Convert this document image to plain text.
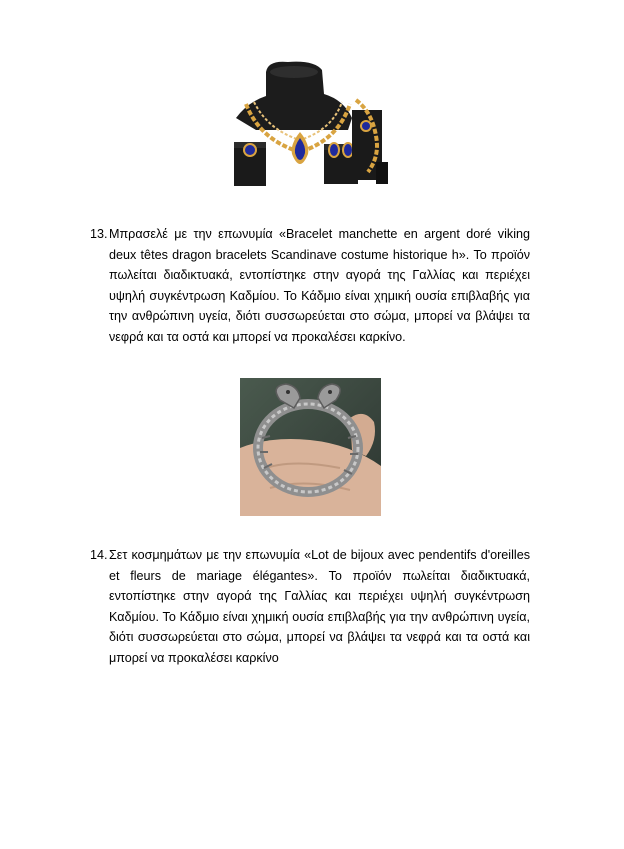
13. Μπρασελέ με την επωνυμία «Bracelet manchette en argent doré viking deux têtes dragon bracelets Scandinave costume historique h». Το προϊόν πωλείται διαδικτυακά, εντοπίστηκε στην αγορά της Γαλλίας και περιέχει υψηλή συγκέντρωση Καδμίου. Το Κάδμιο είναι χημική ουσία επιβλαβής για την ανθρώπινη υγεία, διότι συσσωρεύεται στο σώμα, μπορεί να βλάψει τα νεφρά και τα οστά και μπορεί να προκαλέσει καρκίνο.
14. Σετ κοσμημάτων με την επωνυμία «Lot de bijoux avec pendentifs d'oreilles et fleurs de mariage élégantes». Το προϊόν πωλείται διαδικτυακά, εντοπίστηκε στην αγορά της Γαλλίας και περιέχει υψηλή συγκέντρωση Καδμίου. Το Κάδμιο είναι χημική ουσία επιβλαβής για την ανθρώπινη υγεία, διότι συσσωρεύεται στο σώμα, μπορεί να βλάψει τα νεφρά και τα οστά και μπορεί να προκαλέσει καρκίνο
